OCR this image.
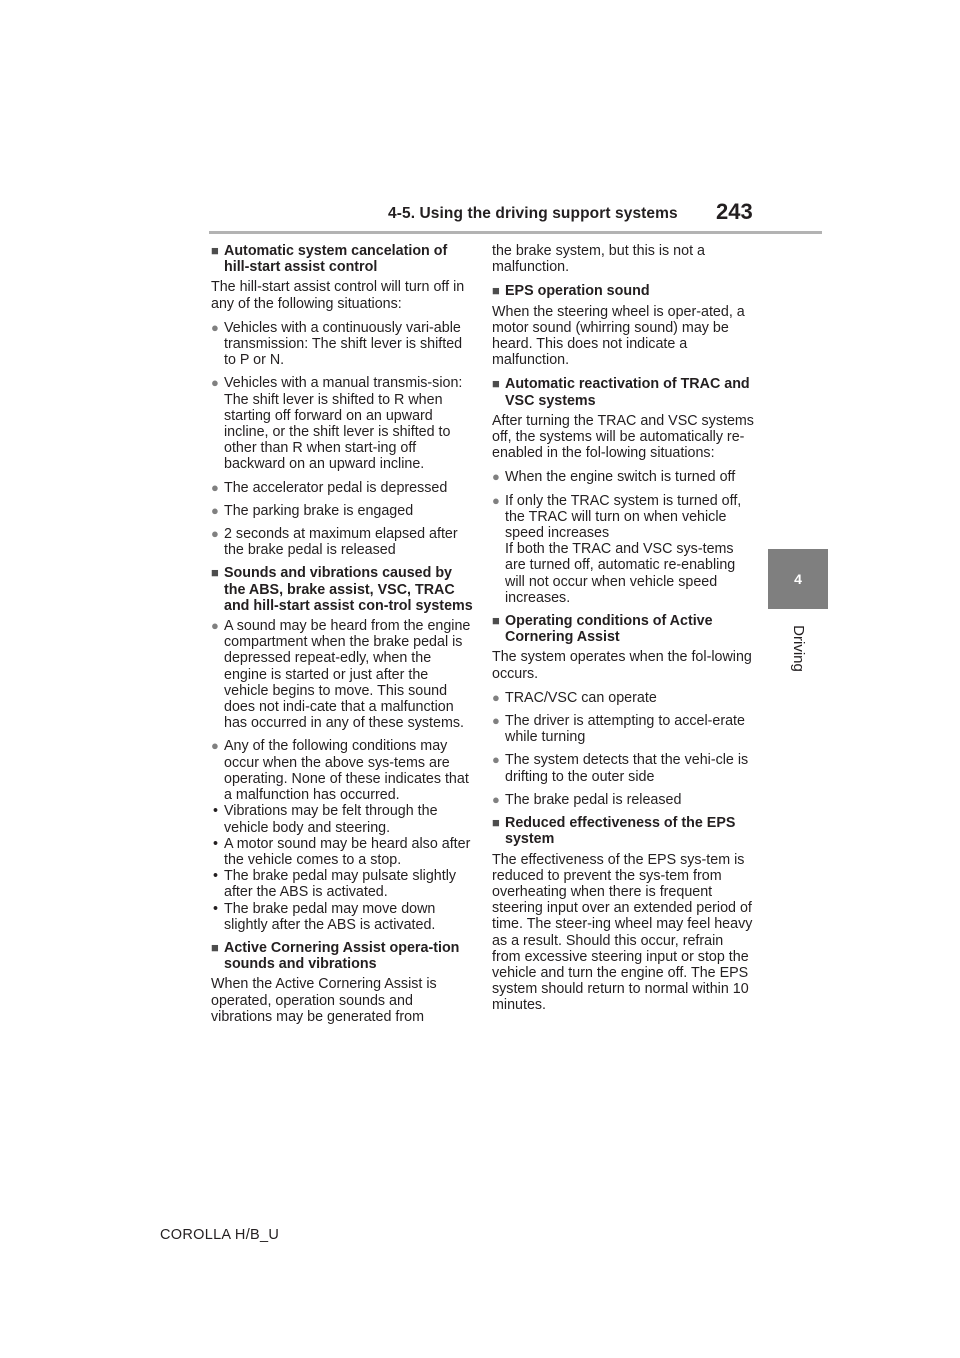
4-5. Using the driving support systems 243
4
Driving
■ Automatic system cancelation of hill-start assist control
The hill-start assist control will turn off in any of the following situations:
● Vehicles with a continuously vari-able transmission: The shift lever is shifted to P or N.
● Vehicles with a manual transmis-sion: The shift lever is shifted to R when starting off forward on an upward incline, or the shift lever is shifted to other than R when start-ing off backward on an upward incline.
● The accelerator pedal is depressed
● The parking brake is engaged
● 2 seconds at maximum elapsed after the brake pedal is released
■ Sounds and vibrations caused by the ABS, brake assist, VSC, TRAC and hill-start assist con-trol systems
● A sound may be heard from the engine compartment when the brake pedal is depressed repeat-edly, when the engine is started or just after the vehicle begins to move. This sound does not indi-cate that a malfunction has occurred in any of these systems.
● Any of the following conditions may occur when the above sys-tems are operating. None of these indicates that a malfunction has occurred.
• Vibrations may be felt through the vehicle body and steering.
• A motor sound may be heard also after the vehicle comes to a stop.
• The brake pedal may pulsate slightly after the ABS is activated.
• The brake pedal may move down slightly after the ABS is activated.
■ Active Cornering Assist opera-tion sounds and vibrations
When the Active Cornering Assist is operated, operation sounds and vibrations may be generated from
the brake system, but this is not a malfunction.
■ EPS operation sound
When the steering wheel is oper-ated, a motor sound (whirring sound) may be heard. This does not indicate a malfunction.
■ Automatic reactivation of TRAC and VSC systems
After turning the TRAC and VSC systems off, the systems will be automatically re-enabled in the fol-lowing situations:
● When the engine switch is turned off
● If only the TRAC system is turned off, the TRAC will turn on when vehicle speed increases
If both the TRAC and VSC sys-tems are turned off, automatic re-enabling will not occur when vehicle speed increases.
■ Operating conditions of Active Cornering Assist
The system operates when the fol-lowing occurs.
● TRAC/VSC can operate
● The driver is attempting to accel-erate while turning
● The system detects that the vehi-cle is drifting to the outer side
● The brake pedal is released
■ Reduced effectiveness of the EPS system
The effectiveness of the EPS sys-tem is reduced to prevent the sys-tem from overheating when there is frequent steering input over an extended period of time. The steer-ing wheel may feel heavy as a result. Should this occur, refrain from excessive steering input or stop the vehicle and turn the engine off. The EPS system should return to normal within 10 minutes.
COROLLA H/B_U
